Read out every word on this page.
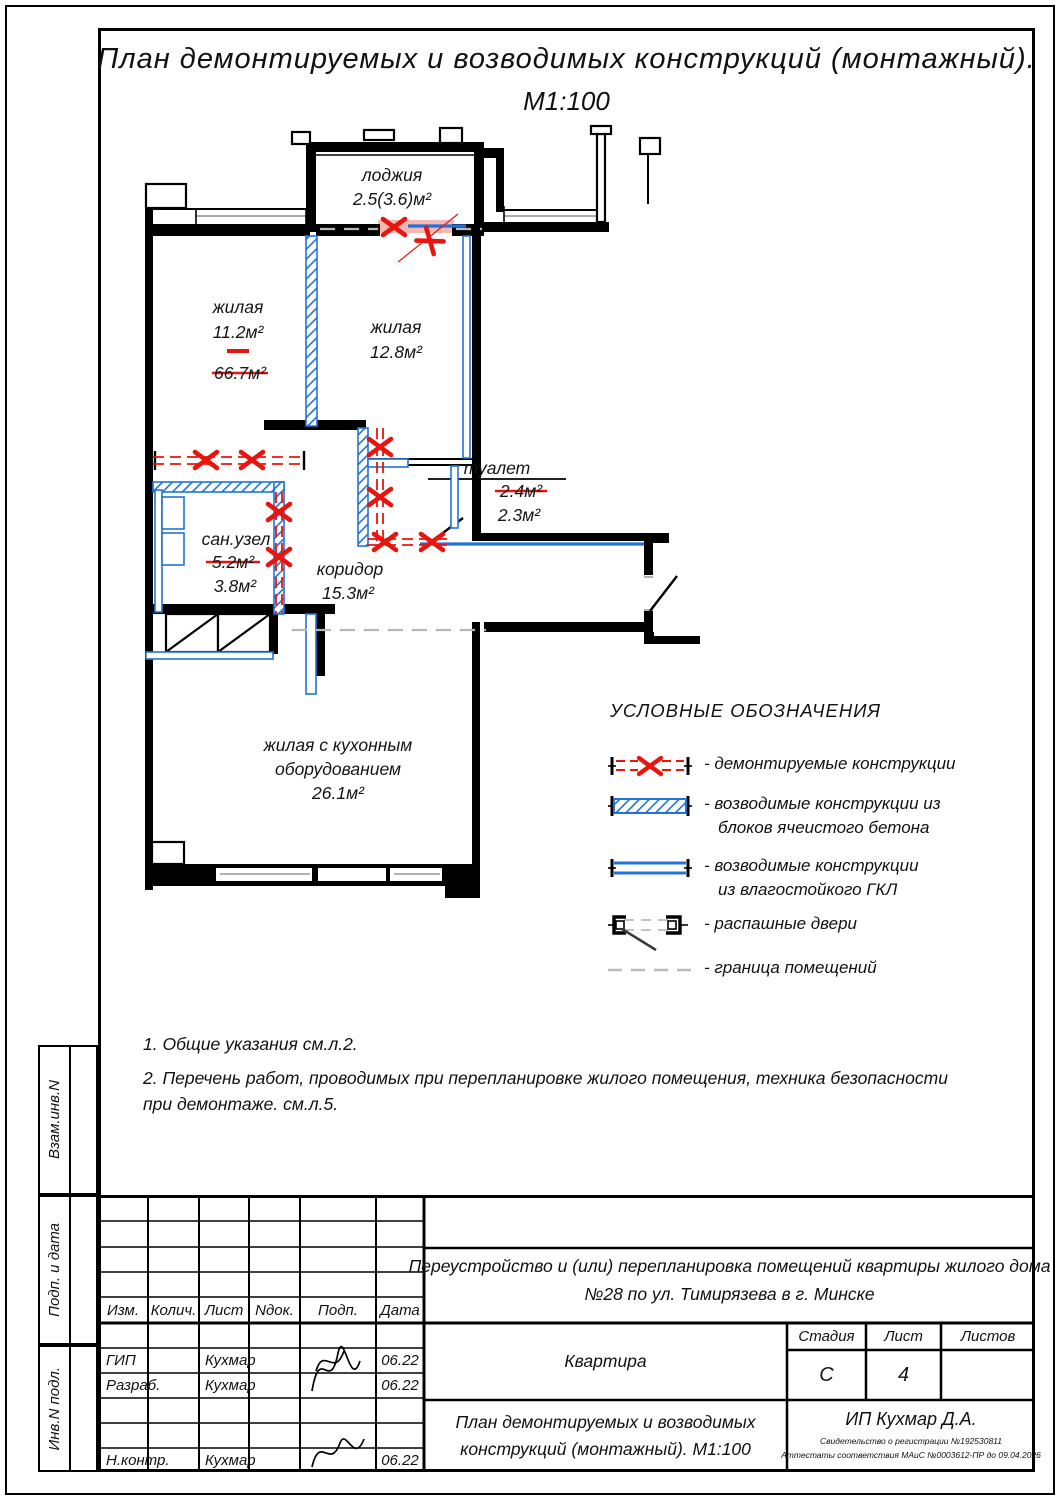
План демонтируемых и возводимых конструкций (монтажный).
М1:100
лоджия
2.5(3.6)м²
жилая
11.2м²
66.7м²
жилая
12.8м²
туалет
2.4м²
2.3м²
сан.узел
5.2м²
3.8м²
коридор
15.3м²
жилая с кухонным
оборудованием
26.1м²
УСЛОВНЫЕ ОБОЗНАЧЕНИЯ
- демонтируемые конструкции
- возводимые конструкции из
блоков ячеистого бетона
- возводимые конструкции
из влагостойкого ГКЛ
- распашные двери
- граница помещений
1. Общие указания см.л.2.
2. Перечень работ, проводимых при перепланировке жилого помещения, техника безопасности
при демонтаже. см.л.5.
Взам.инв.N
Подп. и дата
Инв.N подл.
Изм. Колич. Лист Nдок.	Подп.	Дата
ГИП	Кухмар	06.22
Разраб.	Кухмар	06.22
Н.контр.	Кухмар	06.22
Переустройство и (или) перепланировка помещений квартиры жилого дома
№28 по ул. Тимирязева в г. Минске
Квартира
Стадия	Лист	Листов
С	4
План демонтируемых и возводимых
конструкций (монтажный). М1:100
ИП Кухмар Д.А.
Свидетельство о регистрации №192530811
Аттестаты соответствия МАиС №0003612-ПР до 09.04.2026
